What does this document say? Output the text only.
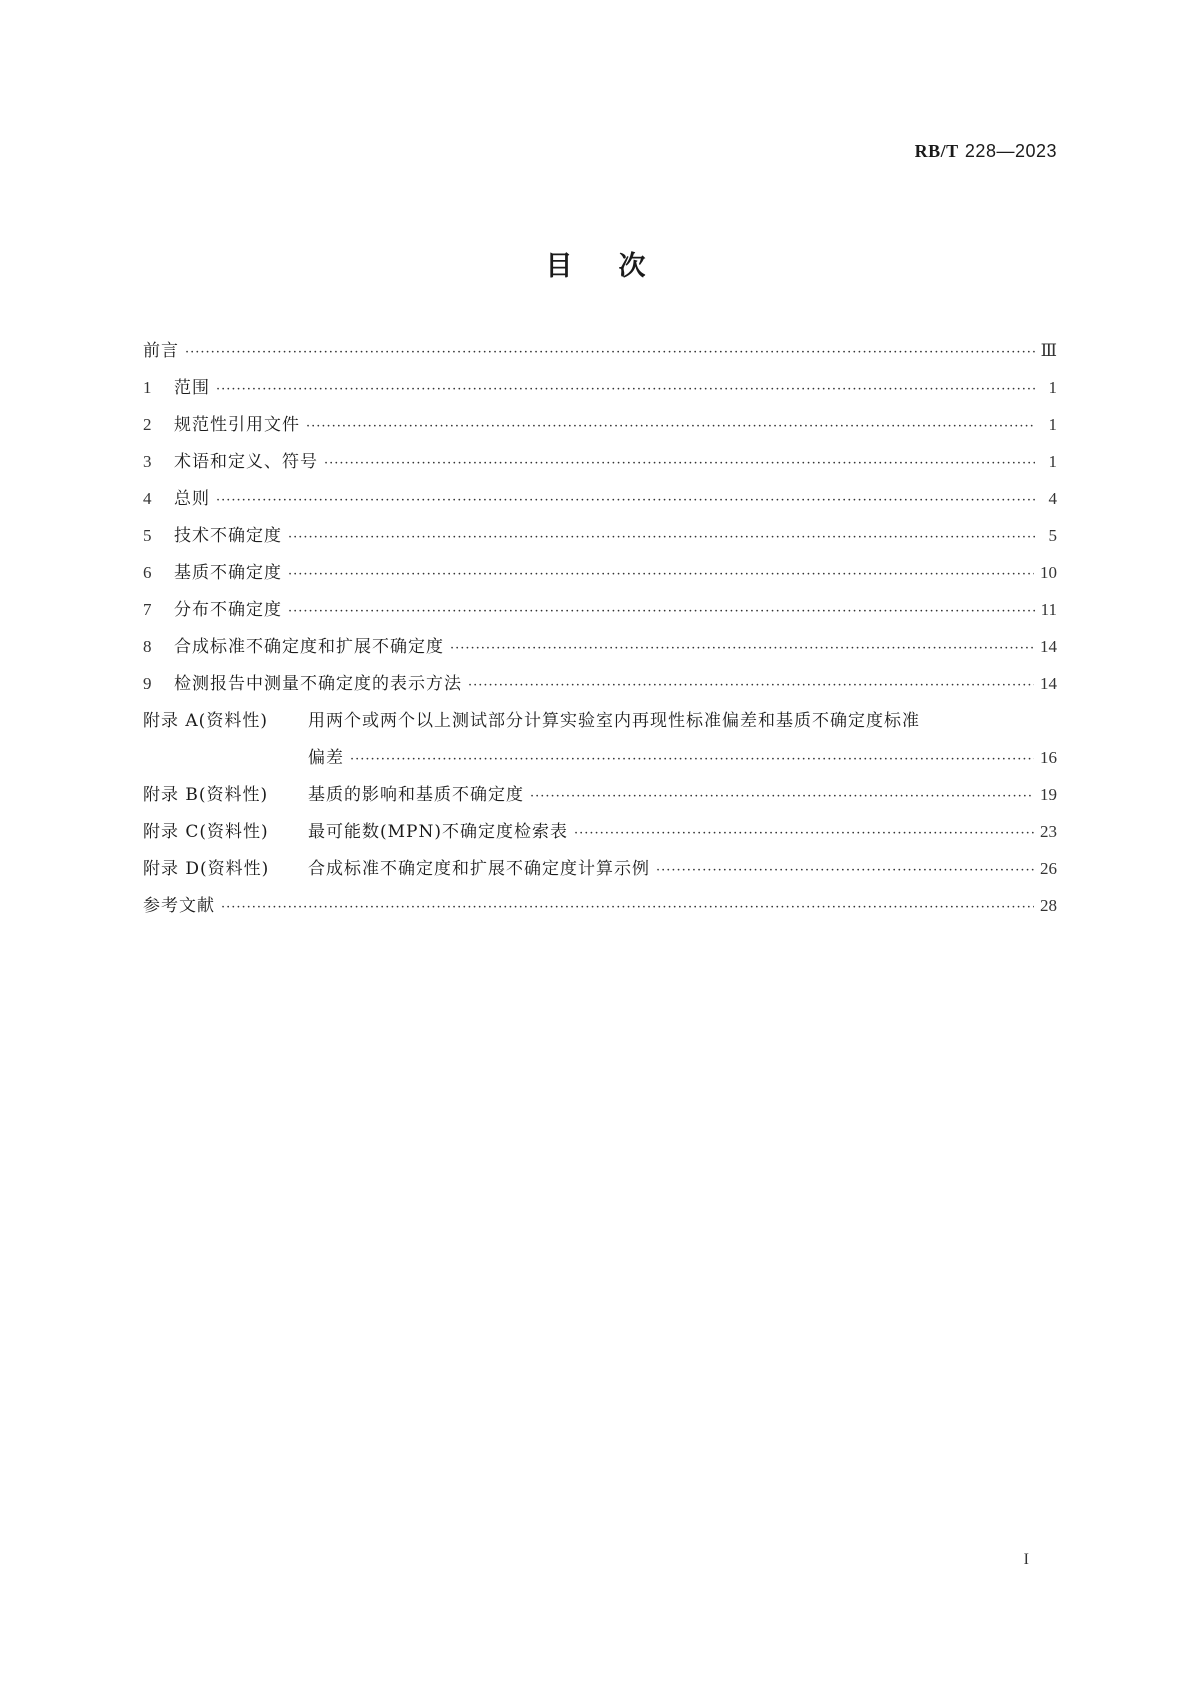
RB/T 228—2023
目次
前言 ·····	Ⅲ
1	范围 ·····	1
2	规范性引用文件 ·····	1
3	术语和定义、符号 ·····	1
4	总则 ·····	4
5	技术不确定度 ·····	5
6	基质不确定度 ·····	10
7	分布不确定度 ·····	11
8	合成标准不确定度和扩展不确定度 ·····	14
9	检测报告中测量不确定度的表示方法 ·····	14
附录 A(资料性)	用两个或两个以上测试部分计算实验室内再现性标准偏差和基质不确定度标准
偏差 ·····	16
附录 B(资料性)	基质的影响和基质不确定度 ·····	19
附录 C(资料性)	最可能数(MPN)不确定度检索表 ·····	23
附录 D(资料性)	合成标准不确定度和扩展不确定度计算示例 ·····	26
参考文献 ·····	28
I
